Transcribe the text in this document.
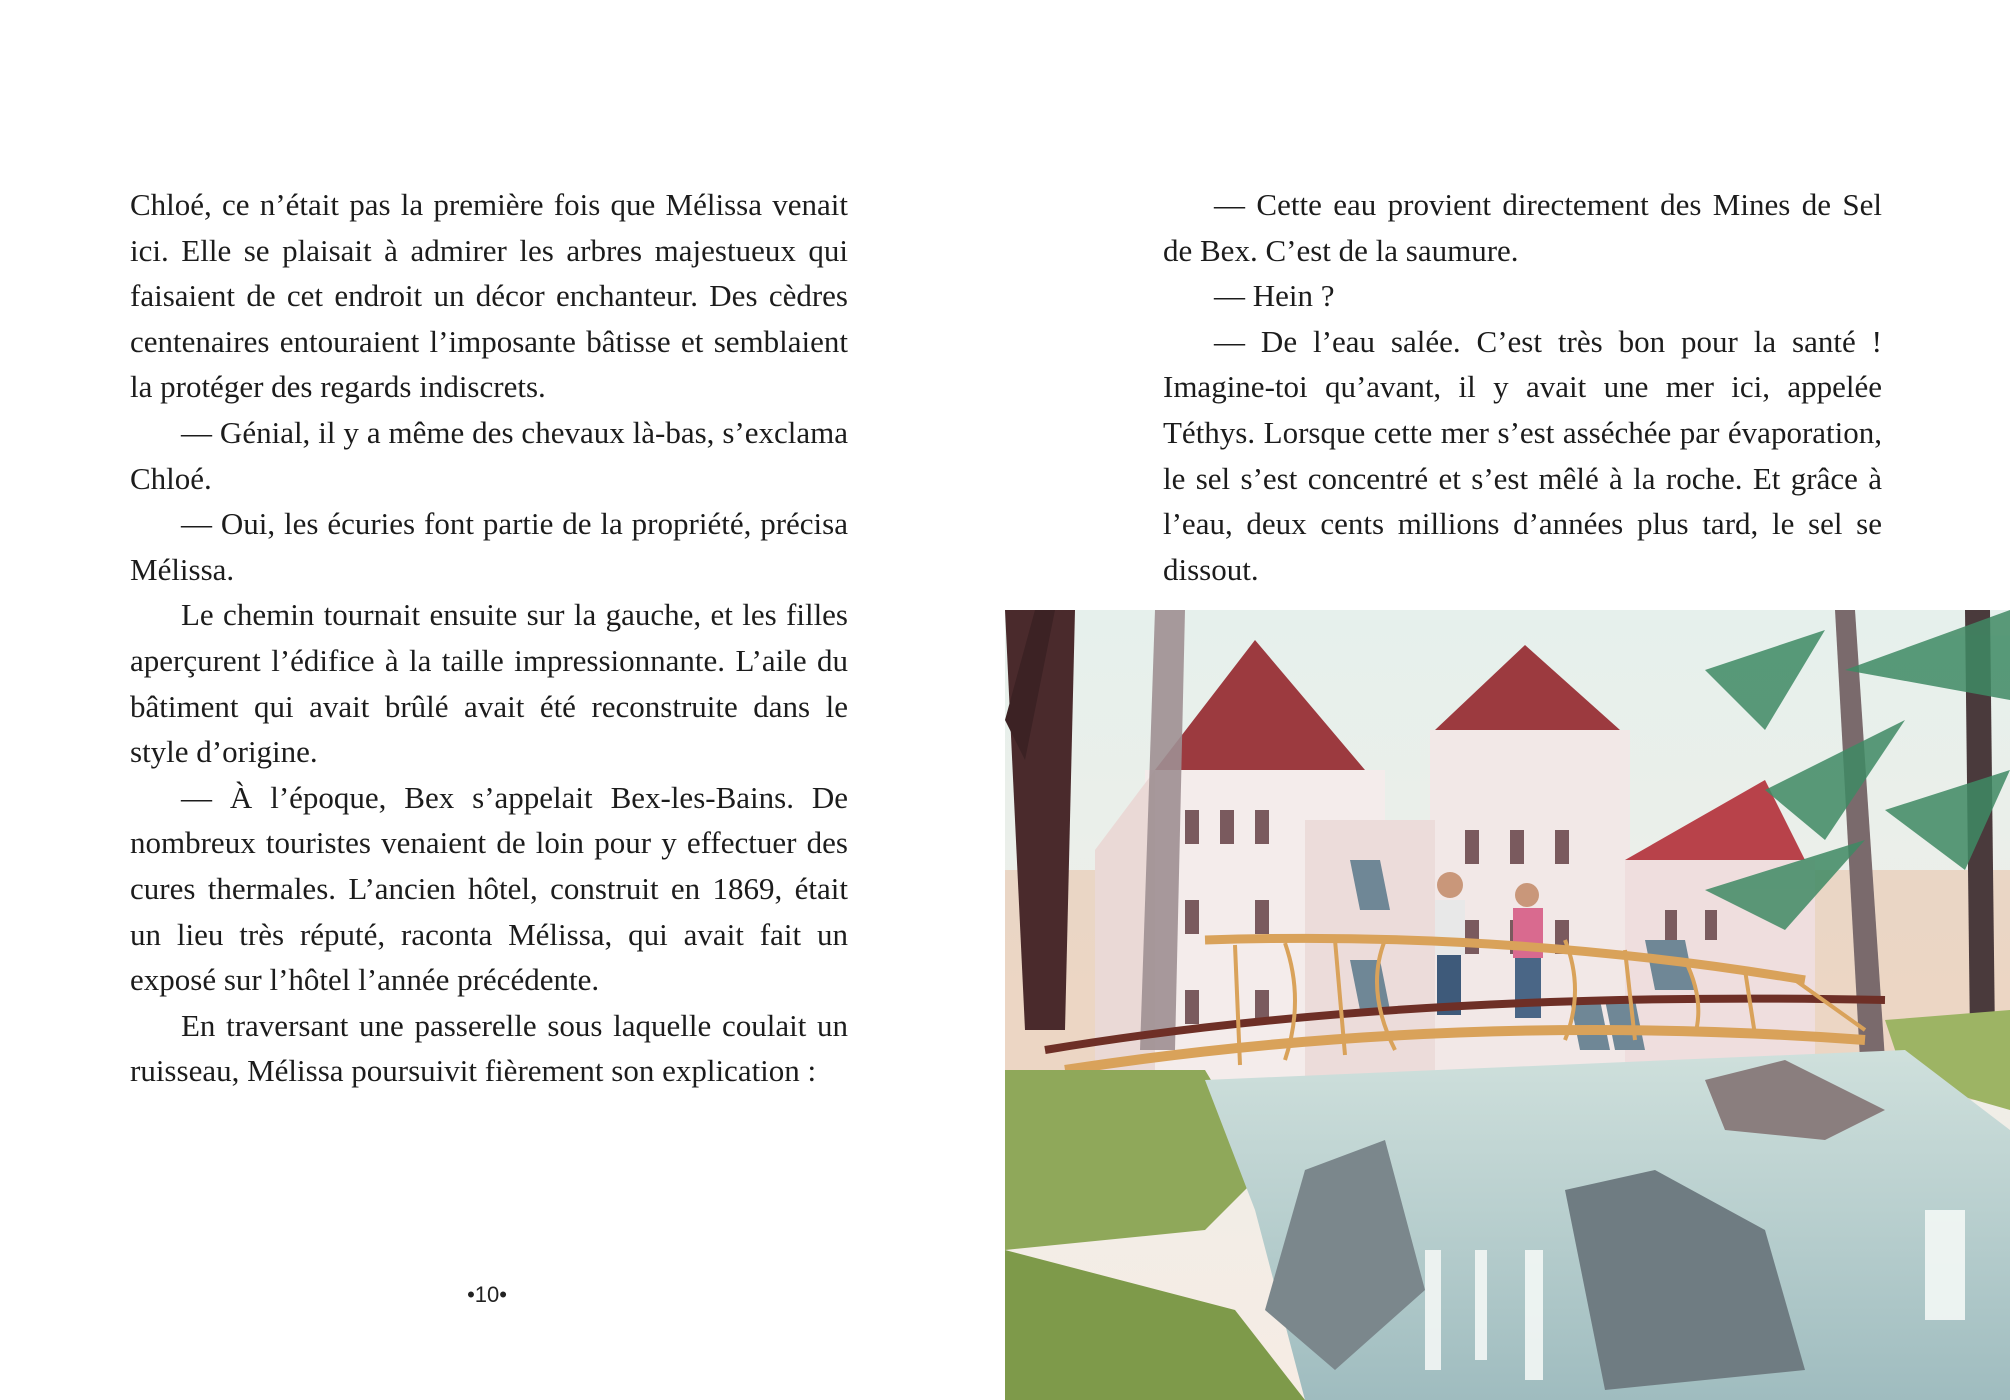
Chloé, ce n’était pas la première fois que Mélissa venait ici. Elle se plaisait à admirer les arbres majestueux qui faisaient de cet endroit un décor enchanteur. Des cèdres centenaires entouraient l’imposante bâtisse et semblaient la protéger des regards indiscrets.

— Génial, il y a même des chevaux là-bas, s’exclama Chloé.

— Oui, les écuries font partie de la propriété, précisa Mélissa.

Le chemin tournait ensuite sur la gauche, et les filles aperçurent l’édifice à la taille impressionnante. L’aile du bâtiment qui avait brûlé avait été reconstruite dans le style d’origine.

— À l’époque, Bex s’appelait Bex-les-Bains. De nombreux touristes venaient de loin pour y effectuer des cures thermales. L’ancien hôtel, construit en 1869, était un lieu très réputé, raconta Mélissa, qui avait fait un exposé sur l’hôtel l’année précédente.

En traversant une passerelle sous laquelle coulait un ruisseau, Mélissa poursuivit fièrement son explication :

•10•

— Cette eau provient directement des Mines de Sel de Bex. C’est de la saumure.

— Hein ?

— De l’eau salée. C’est très bon pour la santé ! Imagine-toi qu’avant, il y avait une mer ici, appelée Téthys. Lorsque cette mer s’est asséchée par évaporation, le sel s’est concentré et s’est mêlé à la roche. Et grâce à l’eau, deux cents millions d’années plus tard, le sel se dissout.
